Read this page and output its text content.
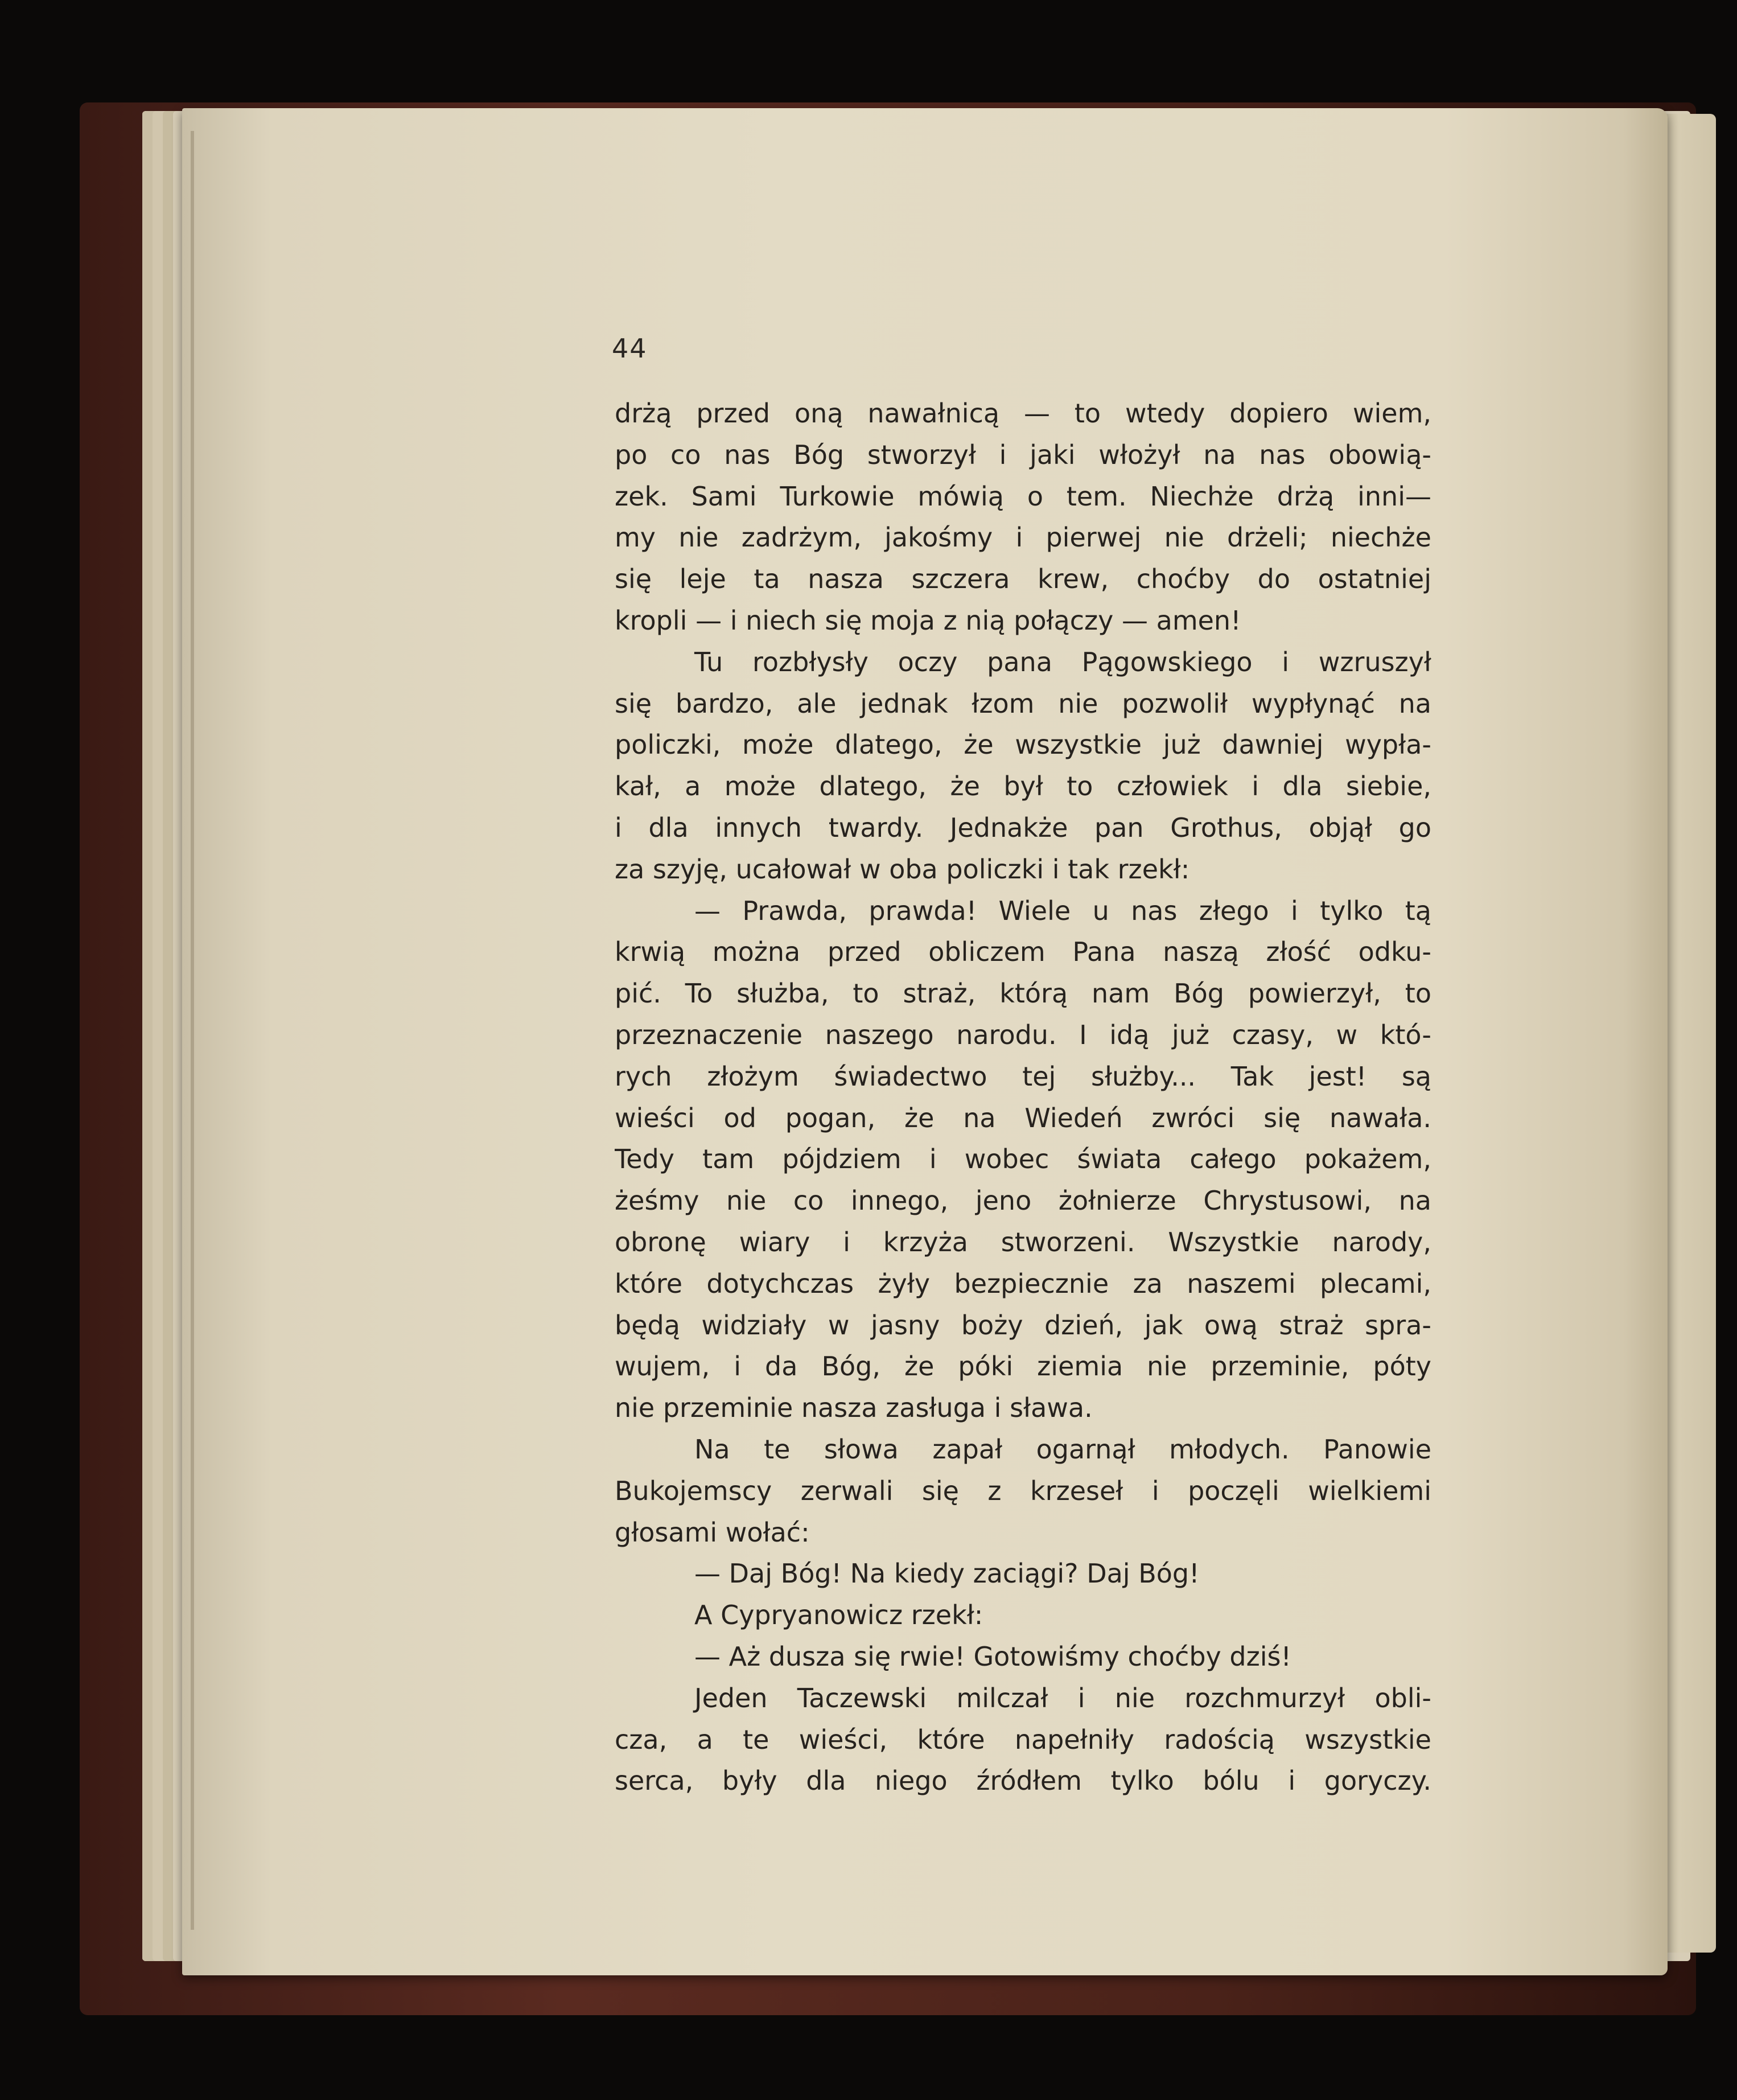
44
drżą przed oną nawałnicą — to wtedy dopiero wiem,
po co nas Bóg stworzył i jaki włożył na nas obowią-
zek. Sami Turkowie mówią o tem. Niechże drżą inni—
my nie zadrżym, jakośmy i pierwej nie drżeli; niechże
się leje ta nasza szczera krew, choćby do ostatniej
kropli — i niech się moja z nią połączy — amen!
Tu rozbłysły oczy pana Pągowskiego i wzruszył
się bardzo, ale jednak łzom nie pozwolił wypłynąć na
policzki, może dlatego, że wszystkie już dawniej wypła-
kał, a może dlatego, że był to człowiek i dla siebie,
i dla innych twardy. Jednakże pan Grothus, objął go
za szyję, ucałował w oba policzki i tak rzekł:
— Prawda, prawda! Wiele u nas złego i tylko tą
krwią można przed obliczem Pana naszą złość odku-
pić. To służba, to straż, którą nam Bóg powierzył, to
przeznaczenie naszego narodu. I idą już czasy, w któ-
rych złożym świadectwo tej służby... Tak jest! są
wieści od pogan, że na Wiedeń zwróci się nawała.
Tedy tam pójdziem i wobec świata całego pokażem,
żeśmy nie co innego, jeno żołnierze Chrystusowi, na
obronę wiary i krzyża stworzeni. Wszystkie narody,
które dotychczas żyły bezpiecznie za naszemi plecami,
będą widziały w jasny boży dzień, jak ową straż spra-
wujem, i da Bóg, że póki ziemia nie przeminie, póty
nie przeminie nasza zasługa i sława.
Na te słowa zapał ogarnął młodych. Panowie
Bukojemscy zerwali się z krzeseł i poczęli wielkiemi
głosami wołać:
— Daj Bóg! Na kiedy zaciągi? Daj Bóg!
A Cypryanowicz rzekł:
— Aż dusza się rwie! Gotowiśmy choćby dziś!
Jeden Taczewski milczał i nie rozchmurzył obli-
cza, a te wieści, które napełniły radością wszystkie
serca, były dla niego źródłem tylko bólu i goryczy.
